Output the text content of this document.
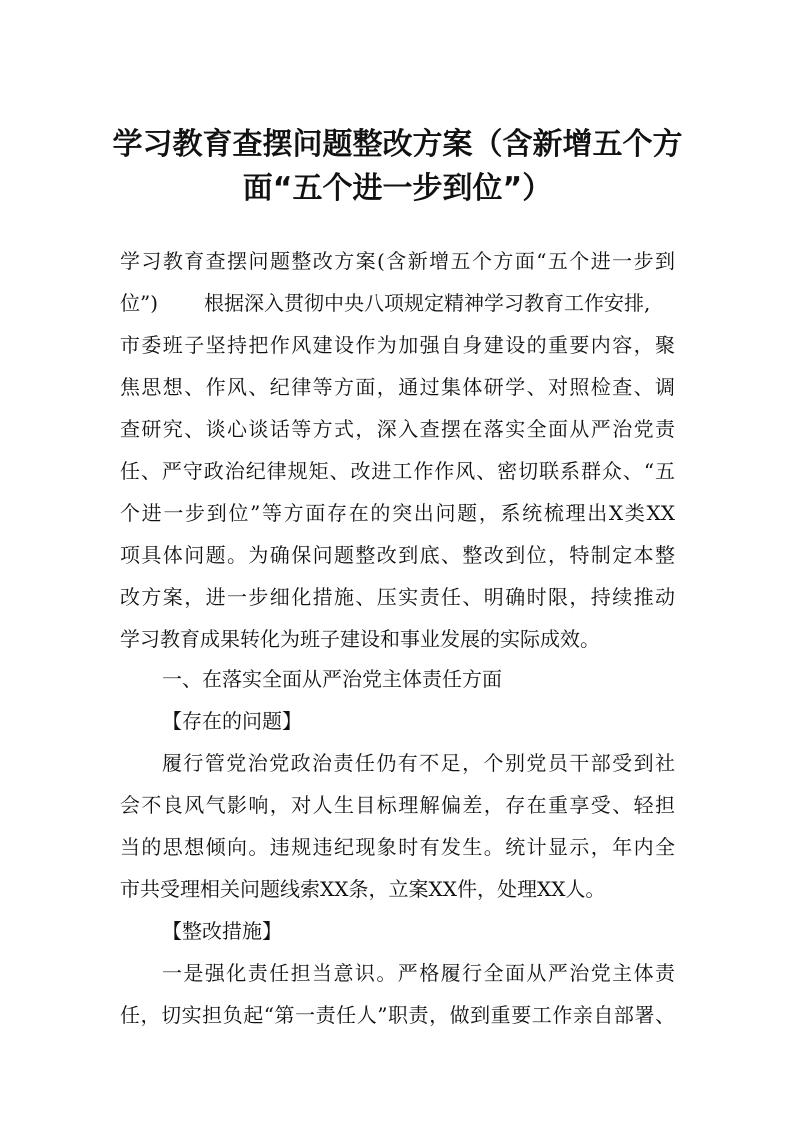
学习教育查摆问题整改方案（含新增五个方
面“五个进一步到位”）
学习教育查摆问题整改方案(含新增五个方面“五个进一步到
位”) 根据深入贯彻中央八项规定精神学习教育工作安排,
市委班子坚持把作风建设作为加强自身建设的重要内容，聚
焦思想、作风、纪律等方面，通过集体研学、对照检查、调
查研究、谈心谈话等方式，深入查摆在落实全面从严治党责
任、严守政治纪律规矩、改进工作作风、密切联系群众、“五
个进一步到位”等方面存在的突出问题，系统梳理出X类XX
项具体问题。为确保问题整改到底、整改到位，特制定本整
改方案，进一步细化措施、压实责任、明确时限，持续推动
学习教育成果转化为班子建设和事业发展的实际成效。
一、在落实全面从严治党主体责任方面
【存在的问题】
履行管党治党政治责任仍有不足，个别党员干部受到社
会不良风气影响，对人生目标理解偏差，存在重享受、轻担
当的思想倾向。违规违纪现象时有发生。统计显示，年内全
市共受理相关问题线索XX条，立案XX件，处理XX人。
【整改措施】
一是强化责任担当意识。严格履行全面从严治党主体责
任，切实担负起“第一责任人”职责，做到重要工作亲自部署、
